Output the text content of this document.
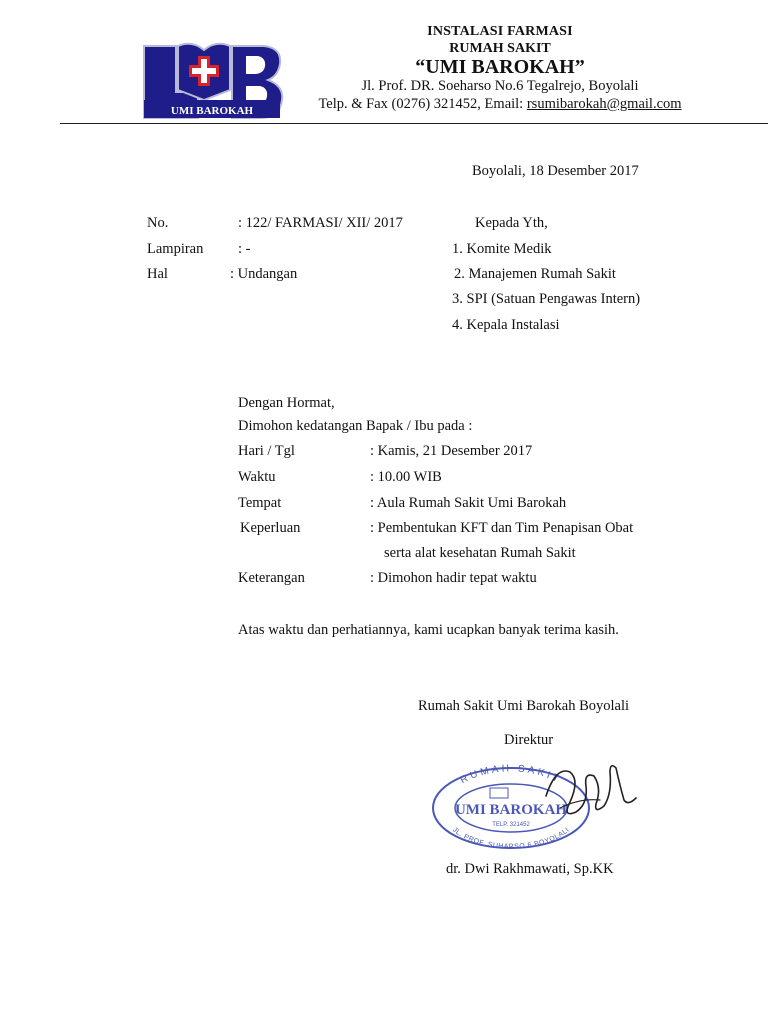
UMI BAROKAH
INSTALASI FARMASI
RUMAH SAKIT
“UMI BAROKAH”
Jl. Prof. DR. Soeharso No.6 Tegalrejo, Boyolali
Telp. & Fax (0276) 321452, Email: rsumibarokah@gmail.com
Boyolali, 18 Desember 2017
No.	: 122/ FARMASI/ XII/ 2017
Lampiran : -
Hal	: Undangan
Kepada Yth,
1. Komite Medik
2. Manajemen Rumah Sakit
3. SPI (Satuan Pengawas Intern)
4. Kepala Instalasi
Dengan Hormat,
Dimohon kedatangan Bapak / Ibu pada :
Hari / Tgl	: Kamis, 21 Desember 2017
Waktu	: 10.00 WIB
Tempat	: Aula Rumah Sakit Umi Barokah
Keperluan	: Pembentukan KFT dan Tim Penapisan Obat
serta alat kesehatan Rumah Sakit
Keterangan	: Dimohon hadir tepat waktu
Atas waktu dan perhatiannya, kami ucapkan banyak terima kasih.
Rumah Sakit Umi Barokah Boyolali
Direktur
RUMAH SAKIT
UMI BAROKAH
TELP. 321452
JL. PROF. SUHARSO 6 BOYOLALI
dr. Dwi Rakhmawati, Sp.KK
